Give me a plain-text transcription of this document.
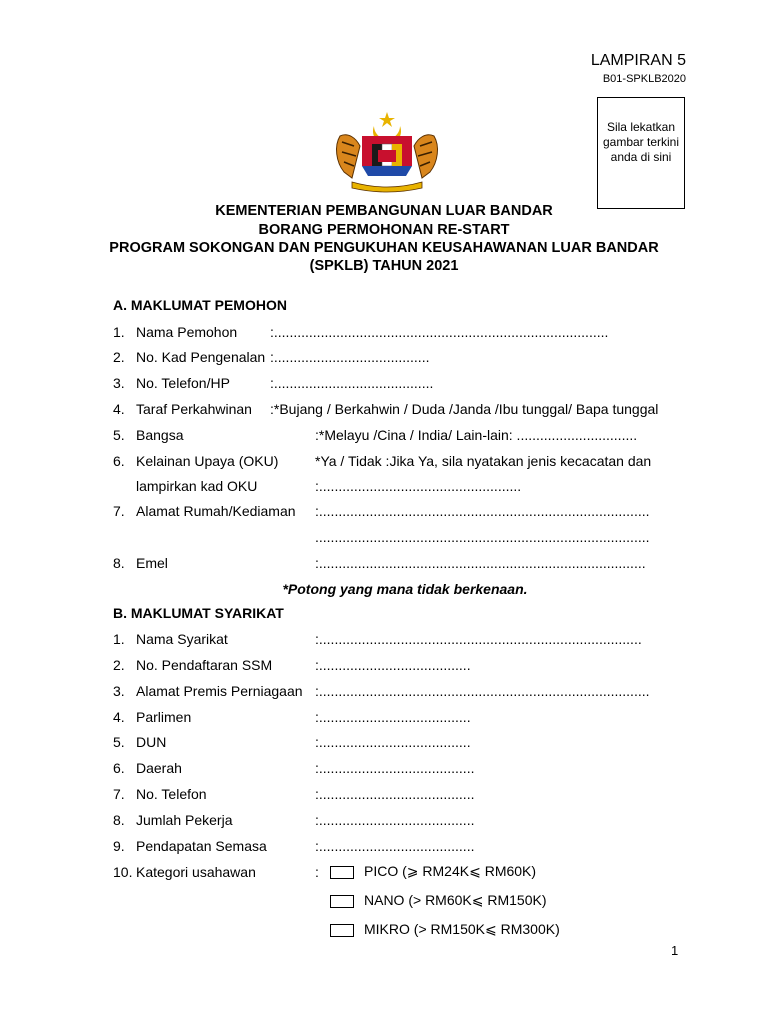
LAMPIRAN 5
B01-SPKLB2020
Sila lekatkan gambar terkini anda di sini
KEMENTERIAN PEMBANGUNAN LUAR BANDAR
BORANG PERMOHONAN RE-START
PROGRAM SOKONGAN DAN PENGUKUHAN KEUSAHAWANAN LUAR BANDAR
(SPKLB) TAHUN 2021
A. MAKLUMAT PEMOHON
1. Nama Pemohon :......................................................................................
2. No. Kad Pengenalan :........................................
3. No. Telefon/HP	:.........................................
4. Taraf Perkahwinan :*Bujang / Berkahwin / Duda /Janda /Ibu tunggal/ Bapa tunggal
5. Bangsa	:*Melayu /Cina / India/ Lain-lain: ...............................
6. Kelainan Upaya (OKU)	*Ya / Tidak :Jika Ya, sila nyatakan jenis kecacatan dan
lampirkan kad OKU	:....................................................
7. Alamat Rumah/Kediaman :.....................................................................................
......................................................................................
8. Emel	:....................................................................................
*Potong yang mana tidak berkenaan.
B. MAKLUMAT SYARIKAT
1. Nama Syarikat	:...................................................................................
2. No. Pendaftaran SSM	:.......................................
3. Alamat Premis Perniagaan :.....................................................................................
4. Parlimen	:.......................................
5. DUN	:.......................................
6. Daerah	:........................................
7. No. Telefon	:........................................
8. Jumlah Pekerja	:........................................
9. Pendapatan Semasa	:........................................
10. Kategori usahawan	:	PICO (⩾ RM24K⩽ RM60K)
NANO (> RM60K⩽ RM150K)
MIKRO (> RM150K⩽ RM300K)
1
